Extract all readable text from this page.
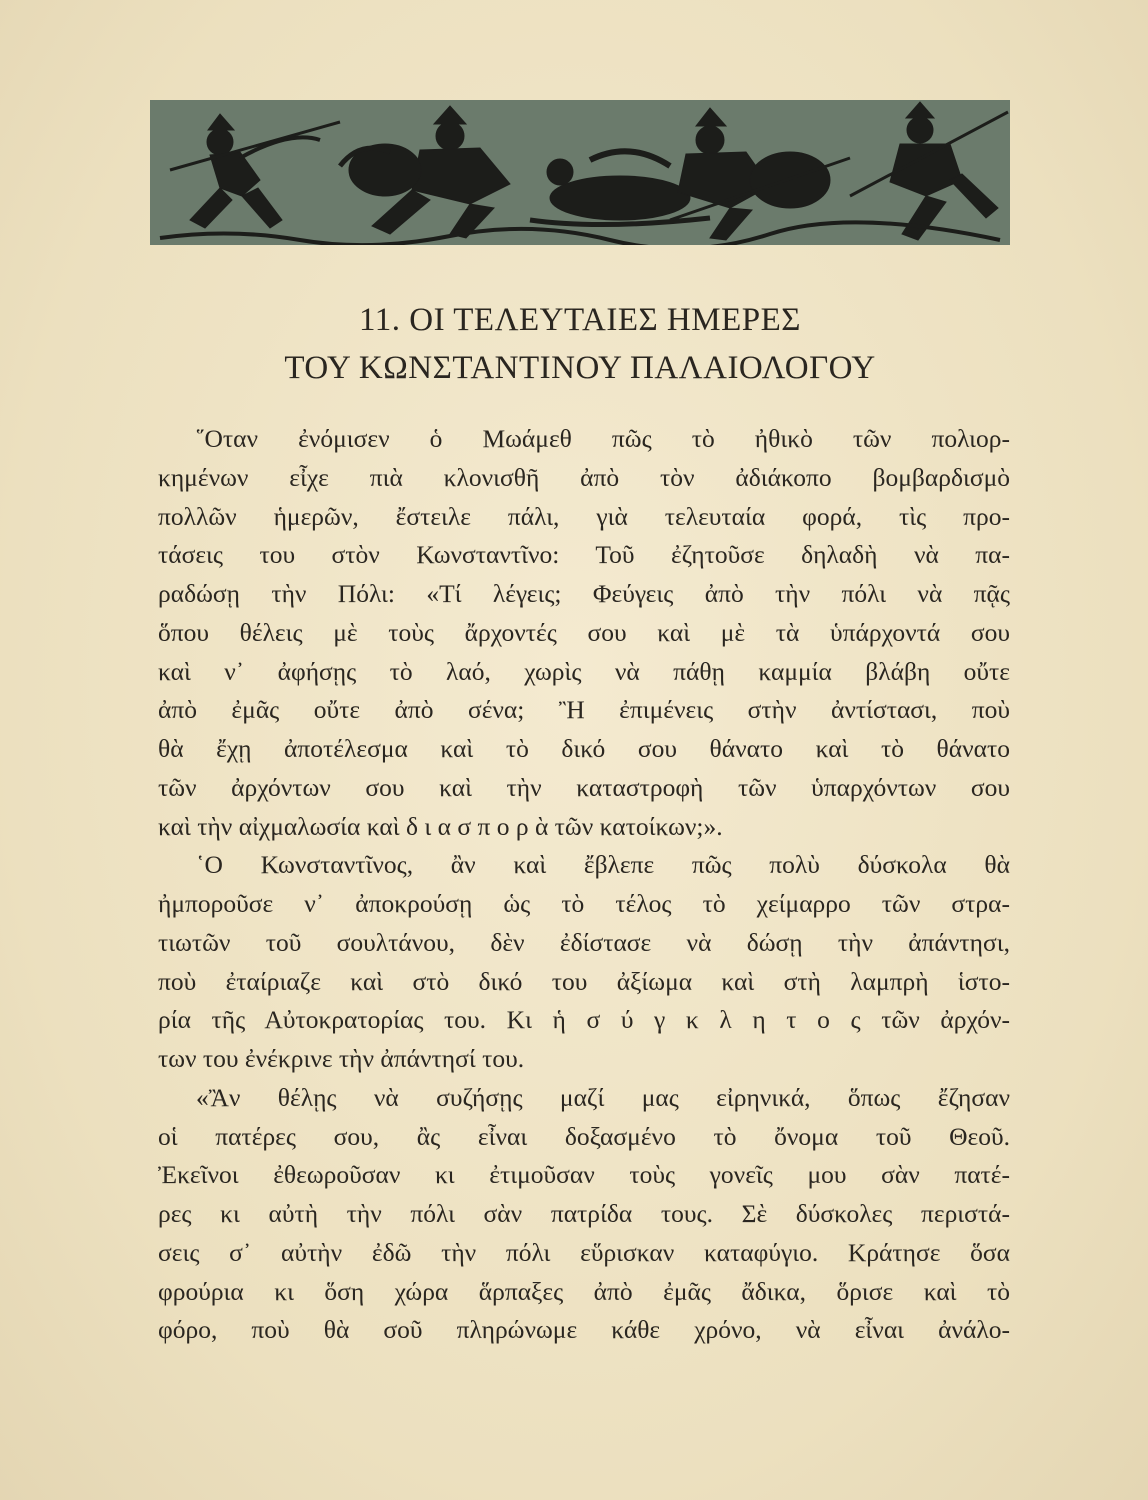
11. ΟΙ ΤΕΛΕΥΤΑΙΕΣ ΗΜΕΡΕΣ
ΤΟΥ ΚΩΝΣΤΑΝΤΙΝΟΥ ΠΑΛΑΙΟΛΟΓΟΥ
῞Οταν ἐνόμισεν ὁ Μωάμεθ πῶς τὸ ἠθικὸ τῶν πολιορ-
κημένων εἶχε πιὰ κλονισθῆ ἀπὸ τὸν ἀδιάκοπο βομβαρδισμὸ
πολλῶν ἡμερῶν, ἔστειλε πάλι, γιὰ τελευταία φορά, τὶς προ-
τάσεις του στὸν Κωνσταντῖνο: Τοῦ ἐζητοῦσε δηλαδὴ νὰ πα-
ραδώσῃ τὴν Πόλι: «Τί λέγεις; Φεύγεις ἀπὸ τὴν πόλι νὰ πᾷς
ὅπου θέλεις μὲ τοὺς ἄρχοντές σου καὶ μὲ τὰ ὑπάρχοντά σου
καὶ ν᾽ ἀφήσῃς τὸ λαό, χωρὶς νὰ πάθῃ καμμία βλάβη οὔτε
ἀπὸ ἐμᾶς οὔτε ἀπὸ σένα; Ἢ ἐπιμένεις στὴν ἀντίστασι, ποὺ
θὰ ἔχῃ ἀποτέλεσμα καὶ τὸ δικό σου θάνατο καὶ τὸ θάνατο
τῶν ἀρχόντων σου καὶ τὴν καταστροφὴ τῶν ὑπαρχόντων σου
καὶ τὴν αἰχμαλωσία καὶ δ ι α σ π ο ρ ὰ τῶν κατοίκων;».
῾Ο Κωνσταντῖνος, ἂν καὶ ἔβλεπε πῶς πολὺ δύσκολα θὰ
ἠμποροῦσε ν᾽ ἀποκρούσῃ ὡς τὸ τέλος τὸ χείμαρρο τῶν στρα-
τιωτῶν τοῦ σουλτάνου, δὲν ἐδίστασε νὰ δώσῃ τὴν ἀπάντησι,
ποὺ ἐταίριαζε καὶ στὸ δικό του ἀξίωμα καὶ στὴ λαμπρὴ ἱστο-
ρία τῆς Αὐτοκρατορίας του. Κι ἡ σ ύ γ κ λ η τ ο ς τῶν ἀρχόν-
των του ἐνέκρινε τὴν ἀπάντησί του.
«Ἂν θέλῃς νὰ συζήσῃς μαζί μας εἰρηνικά, ὅπως ἔζησαν
οἱ πατέρες σου, ἂς εἶναι δοξασμένο τὸ ὄνομα τοῦ Θεοῦ.
Ἐκεῖνοι ἐθεωροῦσαν κι ἐτιμοῦσαν τοὺς γονεῖς μου σὰν πατέ-
ρες κι αὐτὴ τὴν πόλι σὰν πατρίδα τους. Σὲ δύσκολες περιστά-
σεις σ᾽ αὐτὴν ἐδῶ τὴν πόλι εὕρισκαν καταφύγιο. Κράτησε ὅσα
φρούρια κι ὅση χώρα ἅρπαξες ἀπὸ ἐμᾶς ἄδικα, ὅρισε καὶ τὸ
φόρο, ποὺ θὰ σοῦ πληρώνωμε κάθε χρόνο, νὰ εἶναι ἀνάλο-
